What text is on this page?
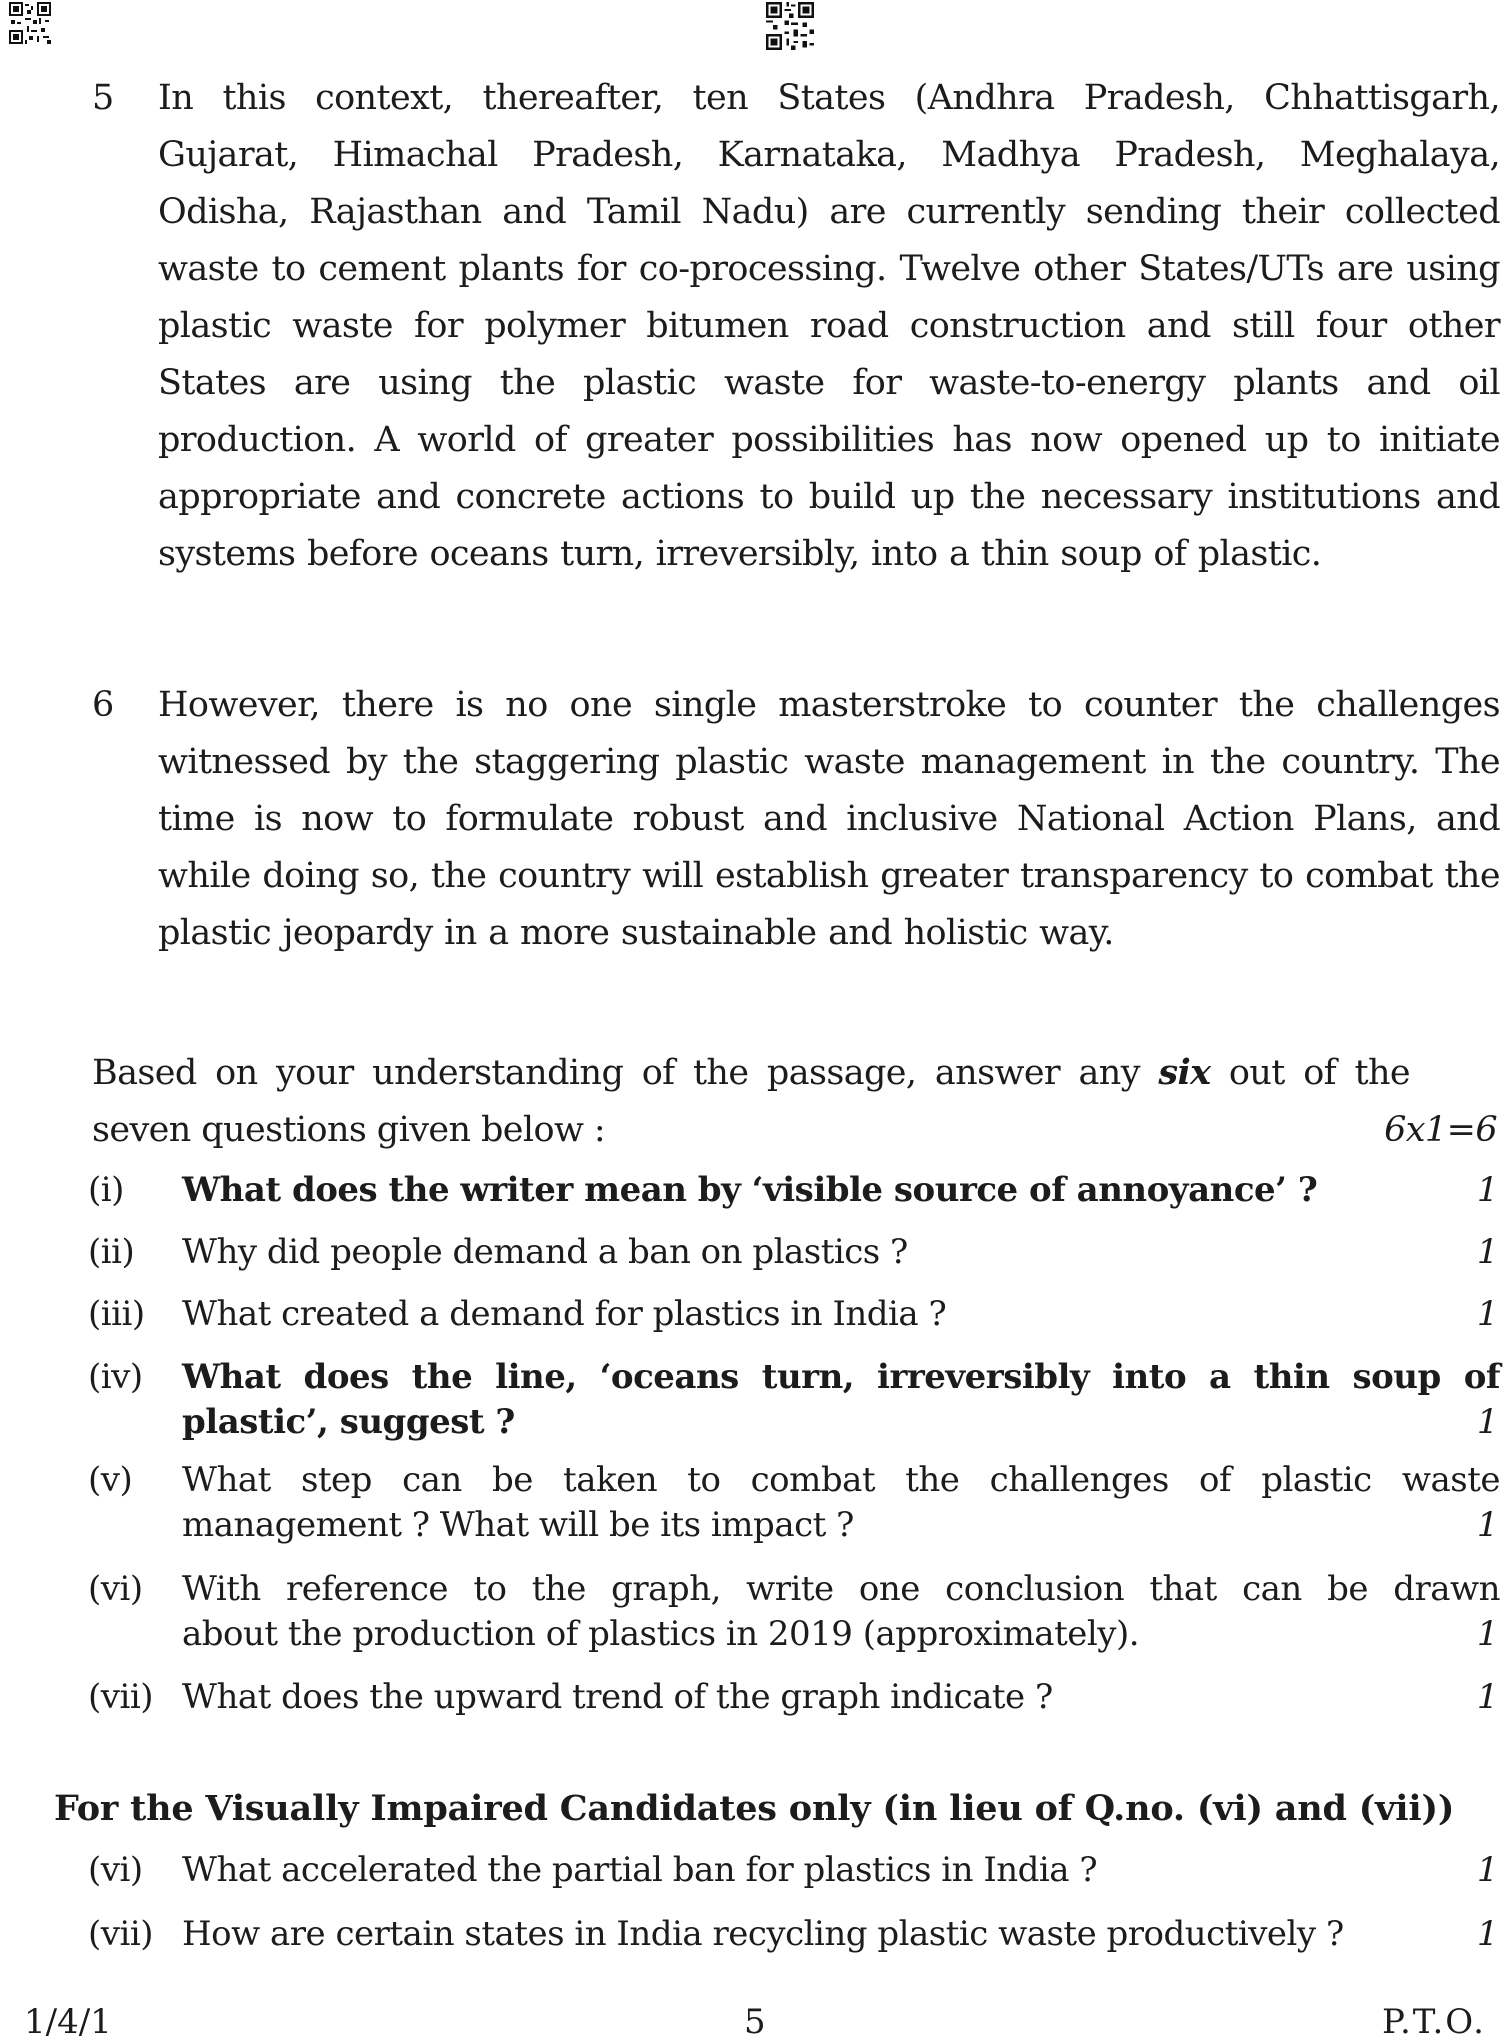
5 In this context, thereafter, ten States (Andhra Pradesh, Chhattisgarh, Gujarat, Himachal Pradesh, Karnataka, Madhya Pradesh, Meghalaya, Odisha, Rajasthan and Tamil Nadu) are currently sending their collected waste to cement plants for co-processing. Twelve other States/UTs are using plastic waste for polymer bitumen road construction and still four other States are using the plastic waste for waste-to-energy plants and oil production. A world of greater possibilities has now opened up to initiate appropriate and concrete actions to build up the necessary institutions and systems before oceans turn, irreversibly, into a thin soup of plastic.
6 However, there is no one single masterstroke to counter the challenges witnessed by the staggering plastic waste management in the country. The time is now to formulate robust and inclusive National Action Plans, and while doing so, the country will establish greater transparency to combat the plastic jeopardy in a more sustainable and holistic way.
Based on your understanding of the passage, answer any six out of the
seven questions given below :	6x1=6
(i) What does the writer mean by ‘visible source of annoyance’ ?	1
(ii) Why did people demand a ban on plastics ?	1
(iii) What created a demand for plastics in India ?	1
(iv) What does the line, ‘oceans turn, irreversibly into a thin soup of
plastic’, suggest ?	1
(v) What step can be taken to combat the challenges of plastic waste
management ? What will be its impact ?	1
(vi) With reference to the graph, write one conclusion that can be drawn
about the production of plastics in 2019 (approximately).	1
(vii) What does the upward trend of the graph indicate ?	1
For the Visually Impaired Candidates only (in lieu of Q.no. (vi) and (vii))
(vi) What accelerated the partial ban for plastics in India ?	1
(vii) How are certain states in India recycling plastic waste productively ?	1
1/4/1	5	P.T.O.
